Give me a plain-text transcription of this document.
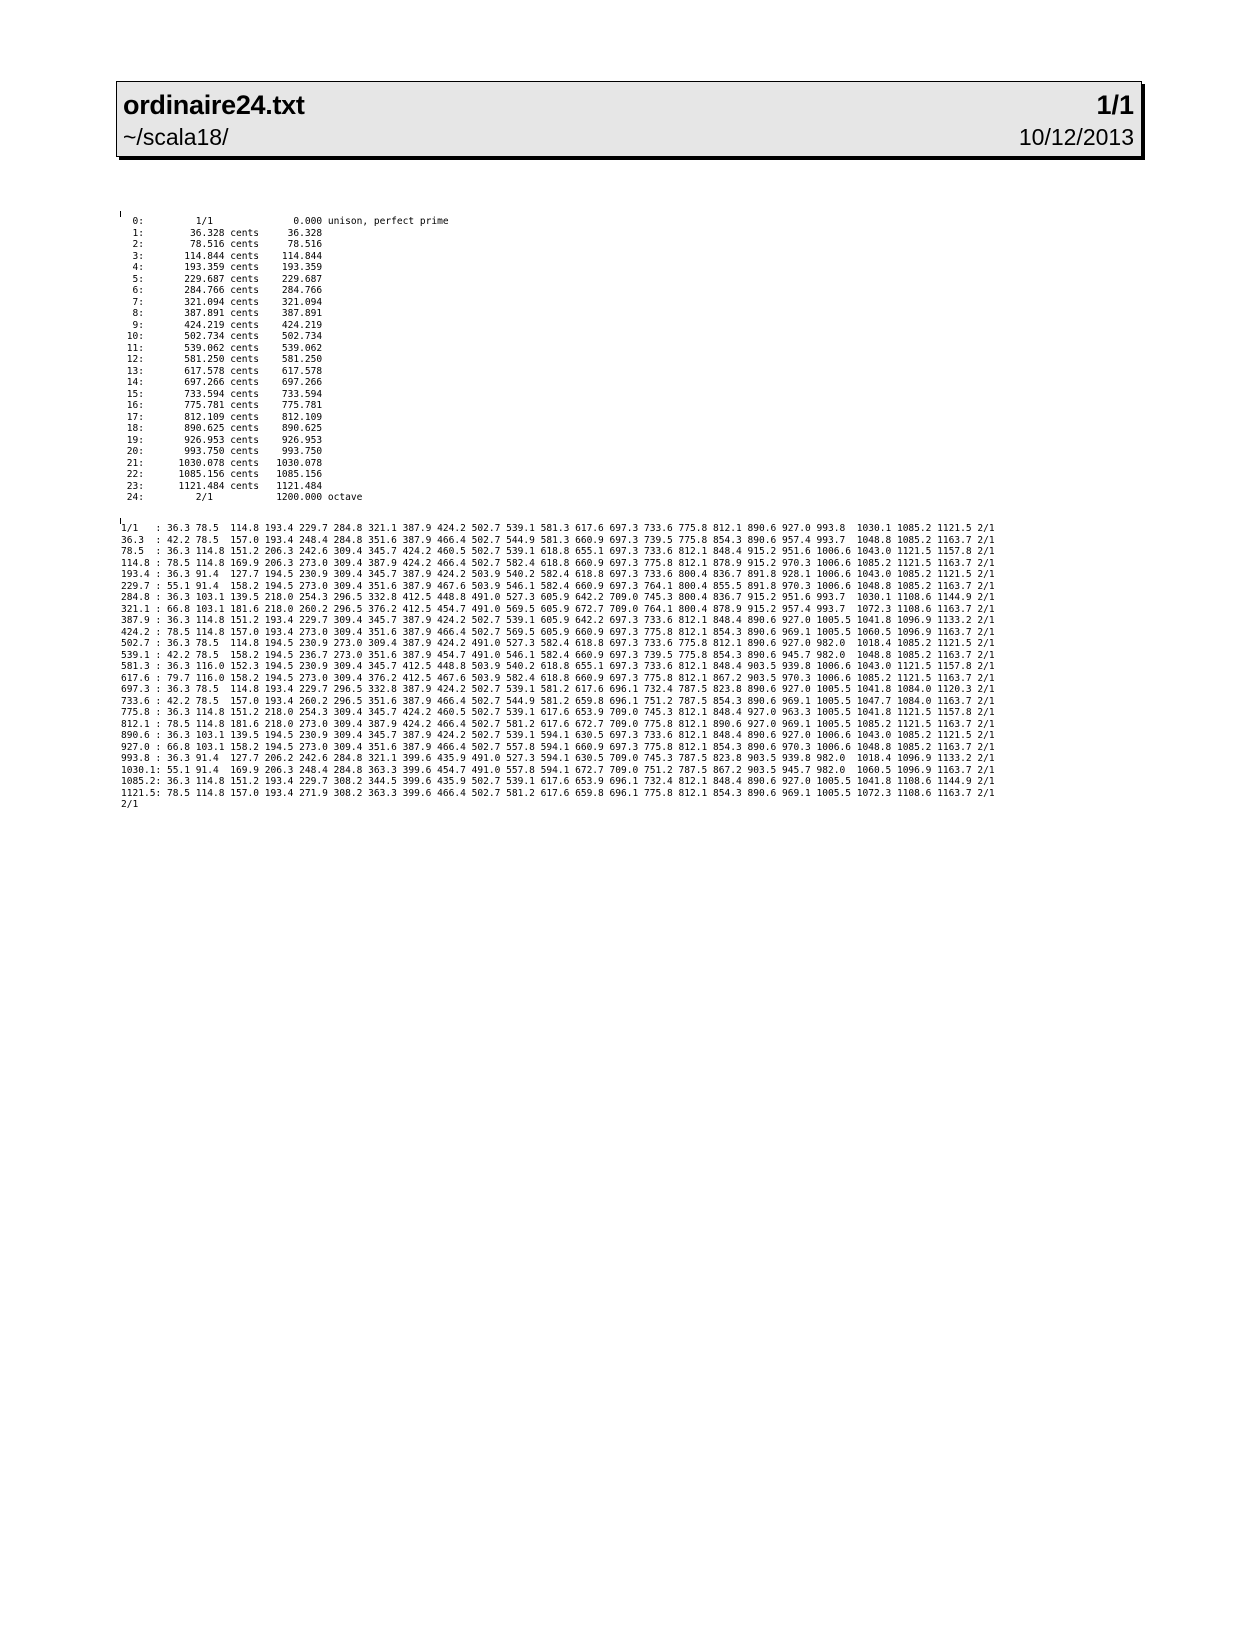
ordinaire24.txt	1/1
~/scala18/	10/12/2013
0:         1/1              0.000 unison, perfect prime
1:        36.328 cents     36.328
2:        78.516 cents     78.516
3:       114.844 cents    114.844
4:       193.359 cents    193.359
5:       229.687 cents    229.687
6:       284.766 cents    284.766
7:       321.094 cents    321.094
8:       387.891 cents    387.891
9:       424.219 cents    424.219
10:       502.734 cents    502.734
11:       539.062 cents    539.062
12:       581.250 cents    581.250
13:       617.578 cents    617.578
14:       697.266 cents    697.266
15:       733.594 cents    733.594
16:       775.781 cents    775.781
17:       812.109 cents    812.109
18:       890.625 cents    890.625
19:       926.953 cents    926.953
20:       993.750 cents    993.750
21:      1030.078 cents   1030.078
22:      1085.156 cents   1085.156
23:      1121.484 cents   1121.484
24:         2/1           1200.000 octave
1/1   : 36.3 78.5  114.8 193.4 229.7 284.8 321.1 387.9 424.2 502.7 539.1 581.3 617.6 697.3 733.6 775.8 812.1 890.6 927.0 993.8  1030.1 1085.2 1121.5 2/1
36.3  : 42.2 78.5  157.0 193.4 248.4 284.8 351.6 387.9 466.4 502.7 544.9 581.3 660.9 697.3 739.5 775.8 854.3 890.6 957.4 993.7  1048.8 1085.2 1163.7 2/1
78.5  : 36.3 114.8 151.2 206.3 242.6 309.4 345.7 424.2 460.5 502.7 539.1 618.8 655.1 697.3 733.6 812.1 848.4 915.2 951.6 1006.6 1043.0 1121.5 1157.8 2/1
114.8 : 78.5 114.8 169.9 206.3 273.0 309.4 387.9 424.2 466.4 502.7 582.4 618.8 660.9 697.3 775.8 812.1 878.9 915.2 970.3 1006.6 1085.2 1121.5 1163.7 2/1
193.4 : 36.3 91.4  127.7 194.5 230.9 309.4 345.7 387.9 424.2 503.9 540.2 582.4 618.8 697.3 733.6 800.4 836.7 891.8 928.1 1006.6 1043.0 1085.2 1121.5 2/1
229.7 : 55.1 91.4  158.2 194.5 273.0 309.4 351.6 387.9 467.6 503.9 546.1 582.4 660.9 697.3 764.1 800.4 855.5 891.8 970.3 1006.6 1048.8 1085.2 1163.7 2/1
284.8 : 36.3 103.1 139.5 218.0 254.3 296.5 332.8 412.5 448.8 491.0 527.3 605.9 642.2 709.0 745.3 800.4 836.7 915.2 951.6 993.7  1030.1 1108.6 1144.9 2/1
321.1 : 66.8 103.1 181.6 218.0 260.2 296.5 376.2 412.5 454.7 491.0 569.5 605.9 672.7 709.0 764.1 800.4 878.9 915.2 957.4 993.7  1072.3 1108.6 1163.7 2/1
387.9 : 36.3 114.8 151.2 193.4 229.7 309.4 345.7 387.9 424.2 502.7 539.1 605.9 642.2 697.3 733.6 812.1 848.4 890.6 927.0 1005.5 1041.8 1096.9 1133.2 2/1
424.2 : 78.5 114.8 157.0 193.4 273.0 309.4 351.6 387.9 466.4 502.7 569.5 605.9 660.9 697.3 775.8 812.1 854.3 890.6 969.1 1005.5 1060.5 1096.9 1163.7 2/1
502.7 : 36.3 78.5  114.8 194.5 230.9 273.0 309.4 387.9 424.2 491.0 527.3 582.4 618.8 697.3 733.6 775.8 812.1 890.6 927.0 982.0  1018.4 1085.2 1121.5 2/1
539.1 : 42.2 78.5  158.2 194.5 236.7 273.0 351.6 387.9 454.7 491.0 546.1 582.4 660.9 697.3 739.5 775.8 854.3 890.6 945.7 982.0  1048.8 1085.2 1163.7 2/1
581.3 : 36.3 116.0 152.3 194.5 230.9 309.4 345.7 412.5 448.8 503.9 540.2 618.8 655.1 697.3 733.6 812.1 848.4 903.5 939.8 1006.6 1043.0 1121.5 1157.8 2/1
617.6 : 79.7 116.0 158.2 194.5 273.0 309.4 376.2 412.5 467.6 503.9 582.4 618.8 660.9 697.3 775.8 812.1 867.2 903.5 970.3 1006.6 1085.2 1121.5 1163.7 2/1
697.3 : 36.3 78.5  114.8 193.4 229.7 296.5 332.8 387.9 424.2 502.7 539.1 581.2 617.6 696.1 732.4 787.5 823.8 890.6 927.0 1005.5 1041.8 1084.0 1120.3 2/1
733.6 : 42.2 78.5  157.0 193.4 260.2 296.5 351.6 387.9 466.4 502.7 544.9 581.2 659.8 696.1 751.2 787.5 854.3 890.6 969.1 1005.5 1047.7 1084.0 1163.7 2/1
775.8 : 36.3 114.8 151.2 218.0 254.3 309.4 345.7 424.2 460.5 502.7 539.1 617.6 653.9 709.0 745.3 812.1 848.4 927.0 963.3 1005.5 1041.8 1121.5 1157.8 2/1
812.1 : 78.5 114.8 181.6 218.0 273.0 309.4 387.9 424.2 466.4 502.7 581.2 617.6 672.7 709.0 775.8 812.1 890.6 927.0 969.1 1005.5 1085.2 1121.5 1163.7 2/1
890.6 : 36.3 103.1 139.5 194.5 230.9 309.4 345.7 387.9 424.2 502.7 539.1 594.1 630.5 697.3 733.6 812.1 848.4 890.6 927.0 1006.6 1043.0 1085.2 1121.5 2/1
927.0 : 66.8 103.1 158.2 194.5 273.0 309.4 351.6 387.9 466.4 502.7 557.8 594.1 660.9 697.3 775.8 812.1 854.3 890.6 970.3 1006.6 1048.8 1085.2 1163.7 2/1
993.8 : 36.3 91.4  127.7 206.2 242.6 284.8 321.1 399.6 435.9 491.0 527.3 594.1 630.5 709.0 745.3 787.5 823.8 903.5 939.8 982.0  1018.4 1096.9 1133.2 2/1
1030.1: 55.1 91.4  169.9 206.3 248.4 284.8 363.3 399.6 454.7 491.0 557.8 594.1 672.7 709.0 751.2 787.5 867.2 903.5 945.7 982.0  1060.5 1096.9 1163.7 2/1
1085.2: 36.3 114.8 151.2 193.4 229.7 308.2 344.5 399.6 435.9 502.7 539.1 617.6 653.9 696.1 732.4 812.1 848.4 890.6 927.0 1005.5 1041.8 1108.6 1144.9 2/1
1121.5: 78.5 114.8 157.0 193.4 271.9 308.2 363.3 399.6 466.4 502.7 581.2 617.6 659.8 696.1 775.8 812.1 854.3 890.6 969.1 1005.5 1072.3 1108.6 1163.7 2/1
2/1
